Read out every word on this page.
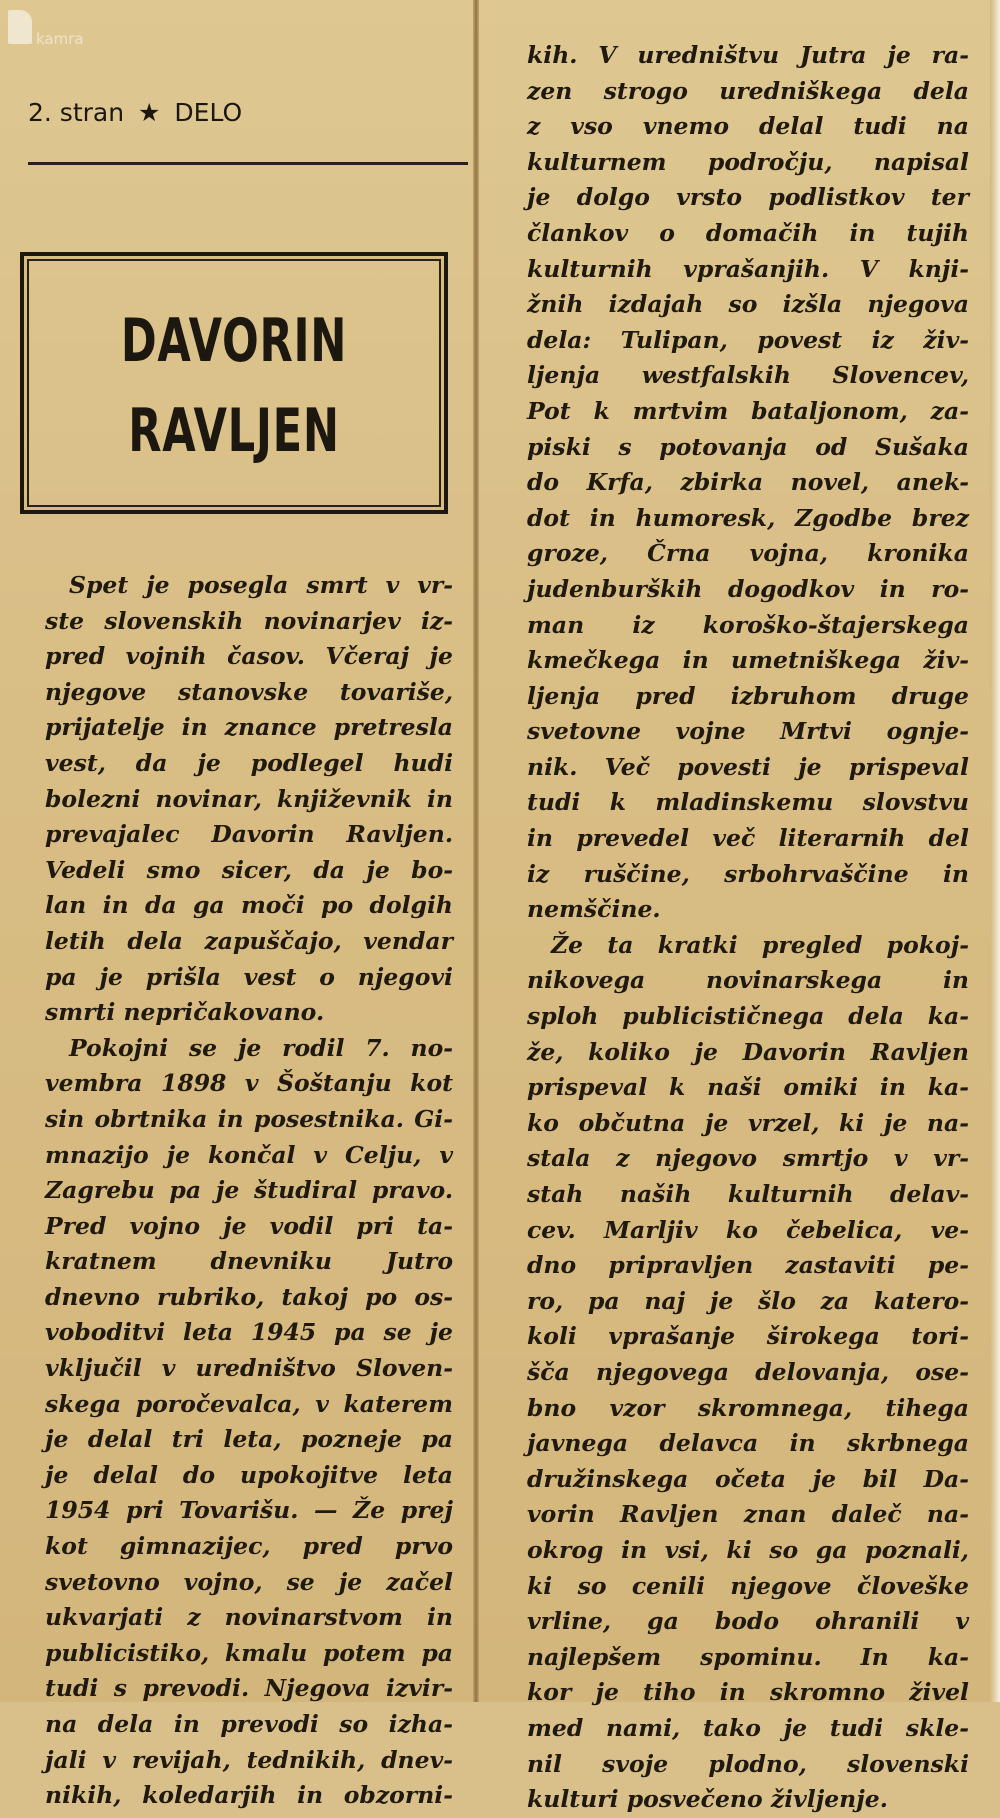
kamra
2. stran ★ DELO
DAVORIN
RAVLJEN
Spet je posegla smrt v vr-
ste slovenskih novinarjev iz-
pred vojnih časov. Včeraj je
njegove stanovske tovariše,
prijatelje in znance pretresla
vest, da je podlegel hudi
bolezni novinar, književnik in
prevajalec Davorin Ravljen.
Vedeli smo sicer, da je bo-
lan in da ga moči po dolgih
letih dela zapuščajo, vendar
pa je prišla vest o njegovi
smrti nepričakovano.
Pokojni se je rodil 7. no-
vembra 1898 v Šoštanju kot
sin obrtnika in posestnika. Gi-
mnazijo je končal v Celju, v
Zagrebu pa je študiral pravo.
Pred vojno je vodil pri ta-
kratnem dnevniku Jutro
dnevno rubriko, takoj po os-
voboditvi leta 1945 pa se je
vključil v uredništvo Sloven-
skega poročevalca, v katerem
je delal tri leta, pozneje pa
je delal do upokojitve leta
1954 pri Tovarišu. — Že prej
kot gimnazijec, pred prvo
svetovno vojno, se je začel
ukvarjati z novinarstvom in
publicistiko, kmalu potem pa
tudi s prevodi. Njegova izvir-
na dela in prevodi so izha-
jali v revijah, tednikih, dnev-
nikih, koledarjih in obzorni-
kih. V uredništvu Jutra je ra-
zen strogo uredniškega dela
z vso vnemo delal tudi na
kulturnem področju, napisal
je dolgo vrsto podlistkov ter
člankov o domačih in tujih
kulturnih vprašanjih. V knji-
žnih izdajah so izšla njegova
dela: Tulipan, povest iz živ-
ljenja westfalskih Slovencev,
Pot k mrtvim bataljonom, za-
piski s potovanja od Sušaka
do Krfa, zbirka novel, anek-
dot in humoresk, Zgodbe brez
groze, Črna vojna, kronika
judenburških dogodkov in ro-
man iz koroško-štajerskega
kmečkega in umetniškega živ-
ljenja pred izbruhom druge
svetovne vojne Mrtvi ognje-
nik. Več povesti je prispeval
tudi k mladinskemu slovstvu
in prevedel več literarnih del
iz ruščine, srbohrvaščine in
nemščine.
Že ta kratki pregled pokoj-
nikovega novinarskega in
sploh publicističnega dela ka-
že, koliko je Davorin Ravljen
prispeval k naši omiki in ka-
ko občutna je vrzel, ki je na-
stala z njegovo smrtjo v vr-
stah naših kulturnih delav-
cev. Marljiv ko čebelica, ve-
dno pripravljen zastaviti pe-
ro, pa naj je šlo za katero-
koli vprašanje širokega tori-
šča njegovega delovanja, ose-
bno vzor skromnega, tihega
javnega delavca in skrbnega
družinskega očeta je bil Da-
vorin Ravljen znan daleč na-
okrog in vsi, ki so ga poznali,
ki so cenili njegove človeške
vrline, ga bodo ohranili v
najlepšem spominu. In ka-
kor je tiho in skromno živel
med nami, tako je tudi skle-
nil svoje plodno, slovenski
kulturi posvečeno življenje.
